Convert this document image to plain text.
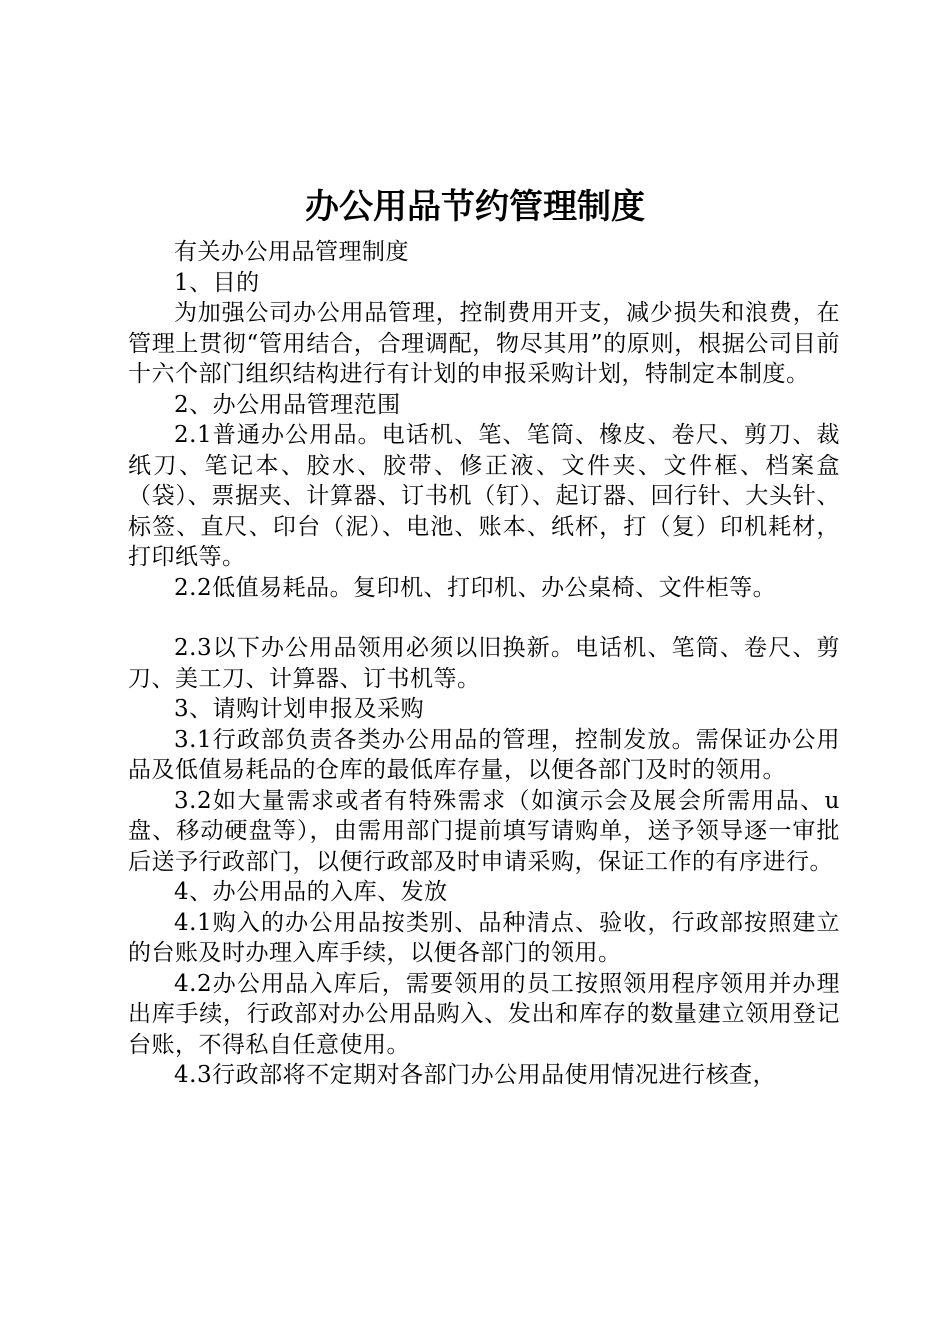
办公用品节约管理制度

有关办公用品管理制度

1、目的

为加强公司办公用品管理，控制费用开支，减少损失和浪费，在管理上贯彻“管用结合，合理调配，物尽其用”的原则，根据公司目前十六个部门组织结构进行有计划的申报采购计划，特制定本制度。

2、办公用品管理范围

2.1普通办公用品。电话机、笔、笔筒、橡皮、卷尺、剪刀、裁纸刀、笔记本、胶水、胶带、修正液、文件夹、文件框、档案盒（袋）、票据夹、计算器、订书机（钉）、起订器、回行针、大头针、标签、直尺、印台（泥）、电池、账本、纸杯，打（复）印机耗材，打印纸等。

2.2低值易耗品。复印机、打印机、办公桌椅、文件柜等。

2.3以下办公用品领用必须以旧换新。电话机、笔筒、卷尺、剪刀、美工刀、计算器、订书机等。

3、请购计划申报及采购

3.1行政部负责各类办公用品的管理，控制发放。需保证办公用品及低值易耗品的仓库的最低库存量，以便各部门及时的领用。

3.2如大量需求或者有特殊需求（如演示会及展会所需用品、u盘、移动硬盘等），由需用部门提前填写请购单，送予领导逐一审批后送予行政部门，以便行政部及时申请采购，保证工作的有序进行。

4、办公用品的入库、发放

4.1购入的办公用品按类别、品种清点、验收，行政部按照建立的台账及时办理入库手续，以便各部门的领用。

4.2办公用品入库后，需要领用的员工按照领用程序领用并办理出库手续，行政部对办公用品购入、发出和库存的数量建立领用登记台账，不得私自任意使用。

4.3行政部将不定期对各部门办公用品使用情况进行核查，
